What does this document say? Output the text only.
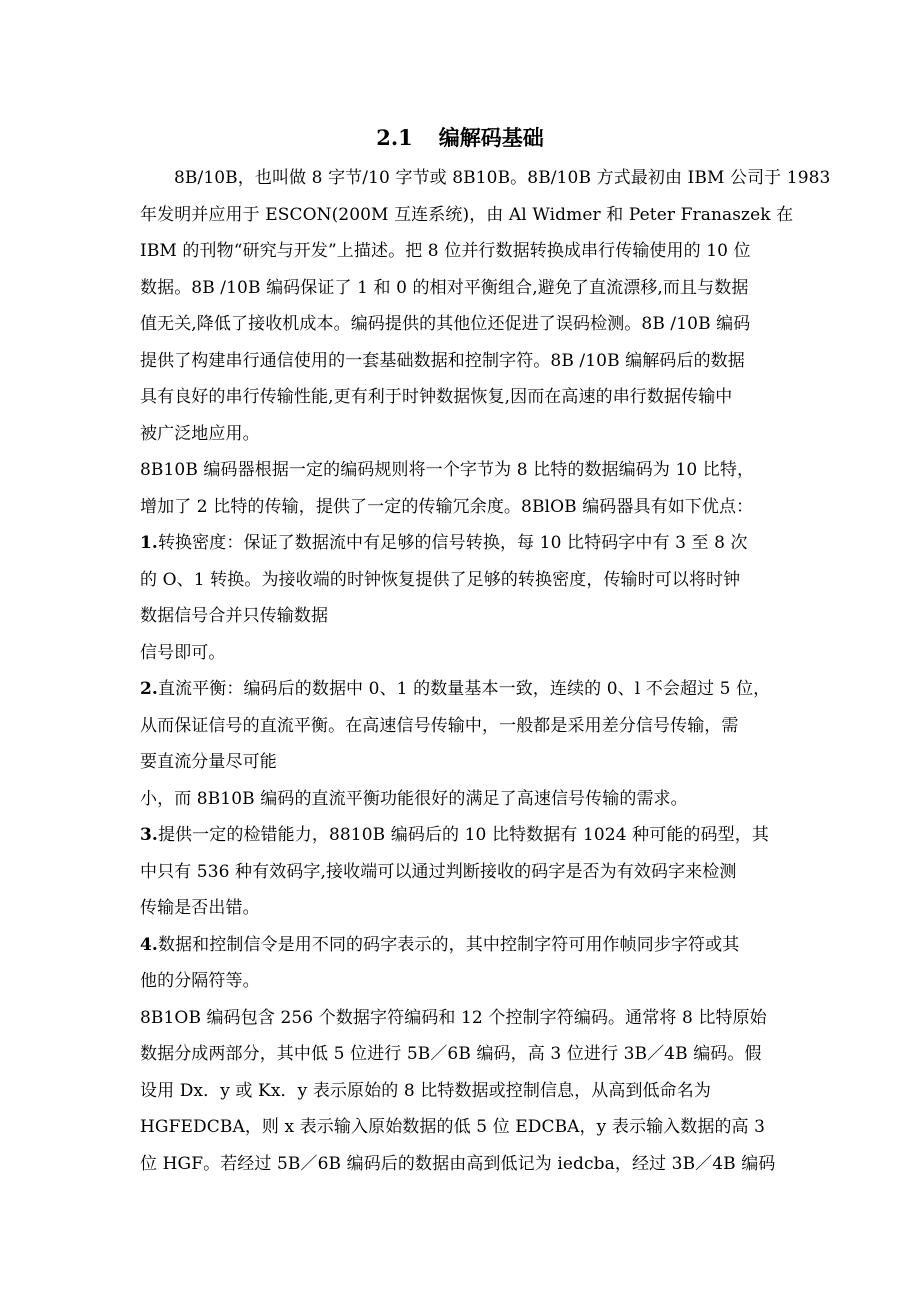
2.1 编解码基础
8B/10B，也叫做 8 字节/10 字节或 8B10B。8B/10B 方式最初由 IBM 公司于 1983
年发明并应用于 ESCON(200M 互连系统)，由 Al Widmer 和 Peter Franaszek 在
IBM 的刊物“研究与开发”上描述。把 8 位并行数据转换成串行传输使用的 10 位
数据。8B /10B 编码保证了 1 和 0 的相对平衡组合,避免了直流漂移,而且与数据
值无关,降低了接收机成本。编码提供的其他位还促进了误码检测。8B /10B 编码
提供了构建串行通信使用的一套基础数据和控制字符。8B /10B 编解码后的数据
具有良好的串行传输性能,更有利于时钟数据恢复,因而在高速的串行数据传输中
被广泛地应用。
8B10B 编码器根据一定的编码规则将一个字节为 8 比特的数据编码为 10 比特，
增加了 2 比特的传输，提供了一定的传输冗余度。8BlOB 编码器具有如下优点：
1.转换密度：保证了数据流中有足够的信号转换，每 10 比特码字中有 3 至 8 次
的 O、1 转换。为接收端的时钟恢复提供了足够的转换密度，传输时可以将时钟
数据信号合并只传输数据
信号即可。
2.直流平衡：编码后的数据中 0、1 的数量基本一致，连续的 0、l 不会超过 5 位，
从而保证信号的直流平衡。在高速信号传输中，一般都是采用差分信号传输，需
要直流分量尽可能
小，而 8B10B 编码的直流平衡功能很好的满足了高速信号传输的需求。
3.提供一定的检错能力，8810B 编码后的 10 比特数据有 1024 种可能的码型，其
中只有 536 种有效码字,接收端可以通过判断接收的码字是否为有效码字来检测
传输是否出错。
4.数据和控制信令是用不同的码字表示的，其中控制字符可用作帧同步字符或其
他的分隔符等。
8B1OB 编码包含 256 个数据字符编码和 12 个控制字符编码。通常将 8 比特原始
数据分成两部分，其中低 5 位进行 5B／6B 编码，高 3 位进行 3B／4B 编码。假
设用 Dx．y 或 Kx．y 表示原始的 8 比特数据或控制信息，从高到低命名为
HGFEDCBA，则 x 表示输入原始数据的低 5 位 EDCBA，y 表示输入数据的高 3
位 HGF。若经过 5B／6B 编码后的数据由高到低记为 iedcba，经过 3B／4B 编码
